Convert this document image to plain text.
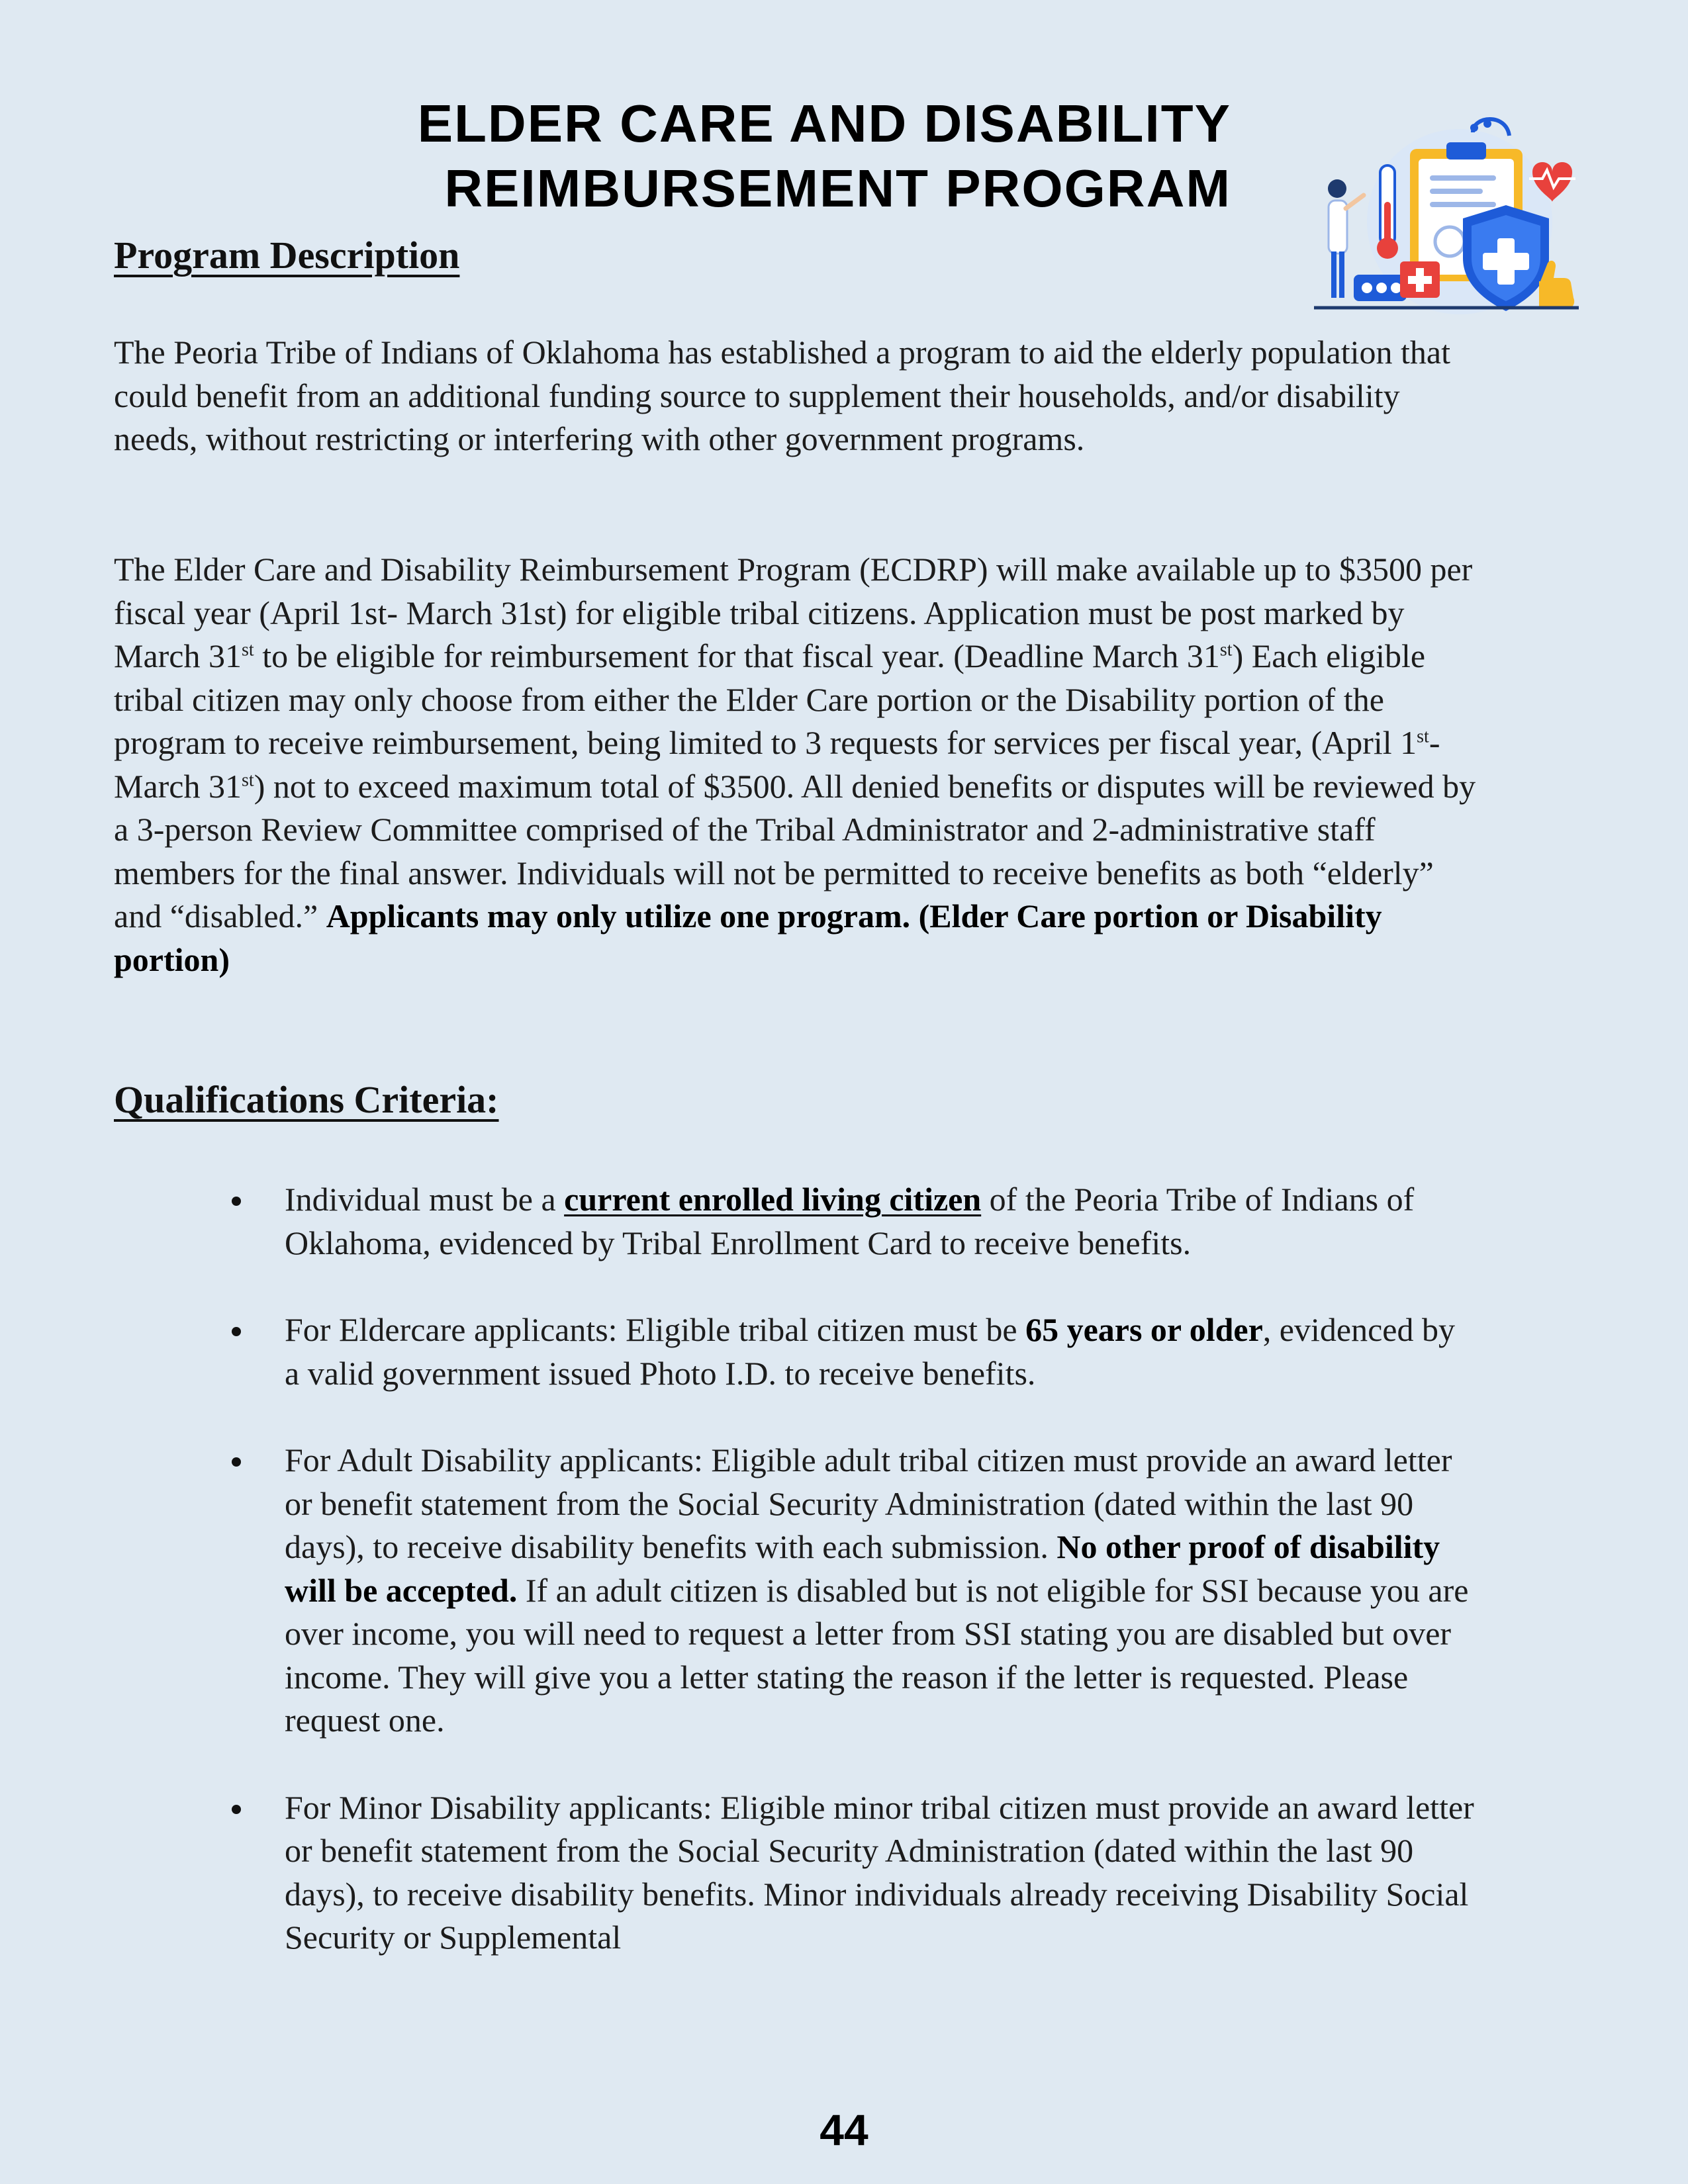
ELDER CARE AND DISABILITY
REIMBURSEMENT PROGRAM
Program Description

The Peoria Tribe of Indians of Oklahoma has established a program to aid the elderly population that could benefit from an additional funding source to supplement their households, and/or disability needs, without restricting or interfering with other government programs.

The Elder Care and Disability Reimbursement Program (ECDRP) will make available up to $3500 per fiscal year (April 1st- March 31st) for eligible tribal citizens. Application must be post marked by March 31st to be eligible for reimbursement for that fiscal year. (Deadline March 31st) Each eligible tribal citizen may only choose from either the Elder Care portion or the Disability portion of the program to receive reimbursement, being limited to 3 requests for services per fiscal year, (April 1st-March 31st) not to exceed maximum total of $3500. All denied benefits or disputes will be reviewed by a 3-person Review Committee comprised of the Tribal Administrator and 2-administrative staff members for the final answer. Individuals will not be permitted to receive benefits as both “elderly” and “disabled.” Applicants may only utilize one program. (Elder Care portion or Disability portion)

Qualifications Criteria:
Individual must be a current enrolled living citizen of the Peoria Tribe of Indians of Oklahoma, evidenced by Tribal Enrollment Card to receive benefits.
For Eldercare applicants: Eligible tribal citizen must be 65 years or older, evidenced by a valid government issued Photo I.D. to receive benefits.
For Adult Disability applicants: Eligible adult tribal citizen must provide an award letter or benefit statement from the Social Security Administration (dated within the last 90 days), to receive disability benefits with each submission. No other proof of disability will be accepted. If an adult citizen is disabled but is not eligible for SSI because you are over income, you will need to request a letter from SSI stating you are disabled but over income. They will give you a letter stating the reason if the letter is requested. Please request one.
For Minor Disability applicants: Eligible minor tribal citizen must provide an award letter or benefit statement from the Social Security Administration (dated within the last 90 days), to receive disability benefits. Minor individuals already receiving Disability Social Security or Supplemental
44
